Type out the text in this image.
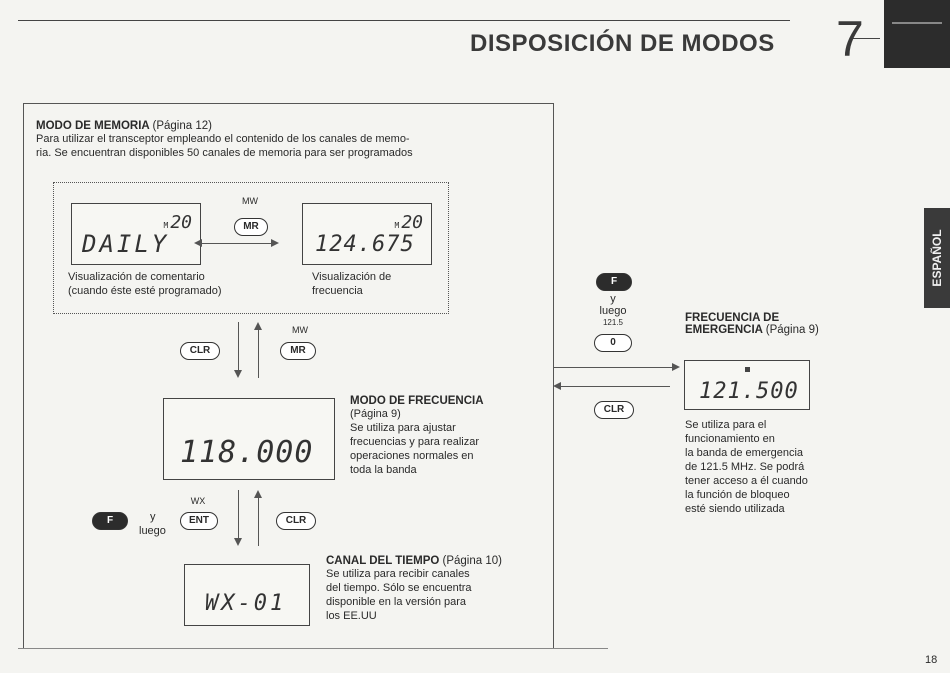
DISPOSICIÓN DE MODOS 7
ESPAÑOL
MODO DE MEMORIA (Página 12)
Para utilizar el transceptor empleando el contenido de los canales de memo-
ria. Se encuentran disponibles 50 canales de memoria para ser programados
M 20
DAILY
M 20
124.675
MW
MR
Visualización de comentario
(cuando éste esté programado)
Visualización de
frecuencia
CLR
MW
MR
118.000
MODO DE FRECUENCIA
(Página 9)
Se utiliza para ajustar
frecuencias y para realizar
operaciones normales en
toda la banda
F	y
luego
WX
ENT	CLR
WX-01
CANAL DEL TIEMPO (Página 10)
Se utiliza para recibir canales
del tiempo. Sólo se encuentra
disponible en la versión para
los EE.UU
F
y
luego
121.5
0
CLR
FRECUENCIA DE
EMERGENCIA (Página 9)
121.500
Se utiliza para el
funcionamiento en
la banda de emergencia
de 121.5 MHz. Se podrá
tener acceso a él cuando
la función de bloqueo
esté siendo utilizada
18
